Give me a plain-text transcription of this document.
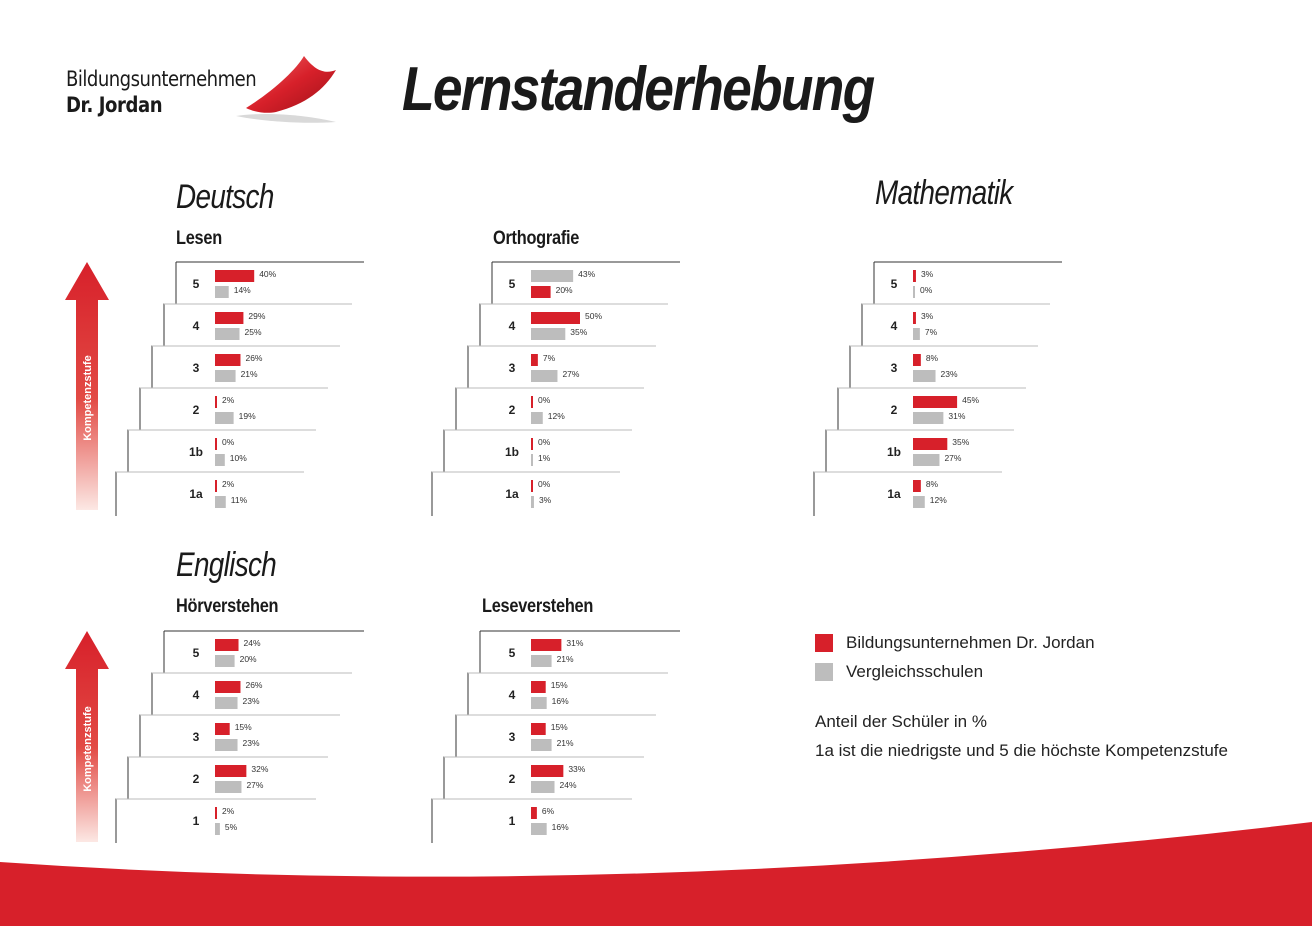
Bildungsunternehmen
Dr. Jordan	Lernstanderhebung
Deutsch	Mathematik
Englisch
Lesen	Orthografie
Hörverstehen	Leseverstehen
Kompetenzstufe
Kompetenzstufe
5
40%
14%
4
29%
25%
3
26%
21%
2
2%
19%
1b
0%
10%
1a
2%
11%
5
43%
20%
4
50%
35%
3
7%
27%
2
0%
12%
1b
0%
1%
1a
0%
3%
5
3%
0%
4
3%
7%
3
8%
23%
2
45%
31%
1b
35%
27%
1a
8%
12%
5
24%
20%
4
26%
23%
3
15%
23%
2
32%
27%
1
2%
5%
5
31%
21%
4
15%
16%
3
15%
21%
2
33%
24%
1
6%
16%
Bildungsunternehmen Dr. Jordan
Vergleichsschulen
Anteil der Schüler in %
1a ist die niedrigste und 5 die höchste Kompetenzstufe
